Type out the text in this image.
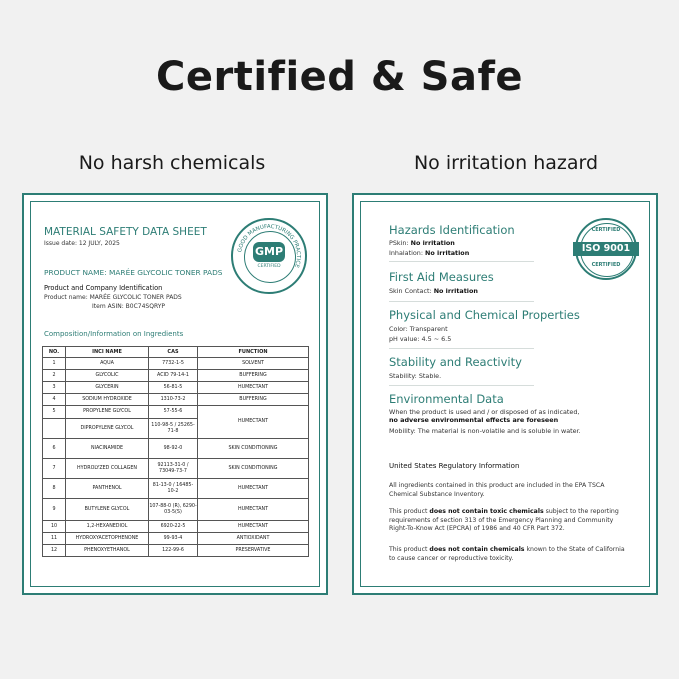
Certified & Safe
No harsh chemicals	No irritation hazard
MATERIAL SAFETY DATA SHEET
Issue date: 12 JULY, 2025
GOOD MANUFACTURING PRACTICE
GMP
CERTIFIED
PRODUCT NAME: MARÉE GLYCOLIC TONER PADS
Product and Company Identification
Product name: MARÉE GLYCOLIC TONER PADS
Item ASIN: B0C74SQRYP
Composition/Information on Ingredients
NO.	INCI NAME	CAS	FUNCTION
1	AQUA	7732-1-5	SOLVENT
2	GLYCOLIC	ACID 79-14-1	BUFFERING
3	GLYCERIN	56-81-5	HUMECTANT
4	SODIUM HYDROXIDE	1310-73-2	BUFFERING
5	PROPYLENE GLYCOL	57-55-6	HUMECTANT
	DIPROPYLENE GLYCOL	110-98-5 / 25265-71-8	
6	NIACINAMIDE	98-92-0	SKIN CONDITIONING
7	HYDROLYZED COLLAGEN	92113-31-0 / 73049-73-7	SKIN CONDITIONING
8	PANTHENOL	81-13-0 / 16485-10-2	HUMECTANT
9	BUTYLENE GLYCOL	107-88-0 (R), 6290-03-5(S)	HUMECTANT
10	1,2-HEXANEDIOL	6920-22-5	HUMECTANT
11	HYDROXYACETOPHENONE	99-93-4	ANTIOXIDANT
12	PHENOXYETHANOL	122-99-6	PRESERVATIVE
CERTIFIED
ISO 9001
CERTIFIED
Hazards Identification
PSkin: No irritation
Inhalation: No irritation
First Aid Measures
Skin Contact: No irritation
Physical and Chemical Properties
Color: Transparent
pH value: 4.5 ~ 6.5
Stability and Reactivity
Stability: Stable.
Environmental Data
When the product is used and / or disposed of as indicated,
no adverse environmental effects are foreseen
Mobility: The material is non-volatile and is soluble in water.
United States Regulatory Information
All ingredients contained in this product are included in the EPA TSCA Chemical Substance Inventory.
This product does not contain toxic chemicals subject to the reporting requirements of section 313 of the Emergency Planning and Community Right-To-Know Act (EPCRA) of 1986 and 40 CFR Part 372.
This product does not contain chemicals known to the State of California to cause cancer or reproductive toxicity.
